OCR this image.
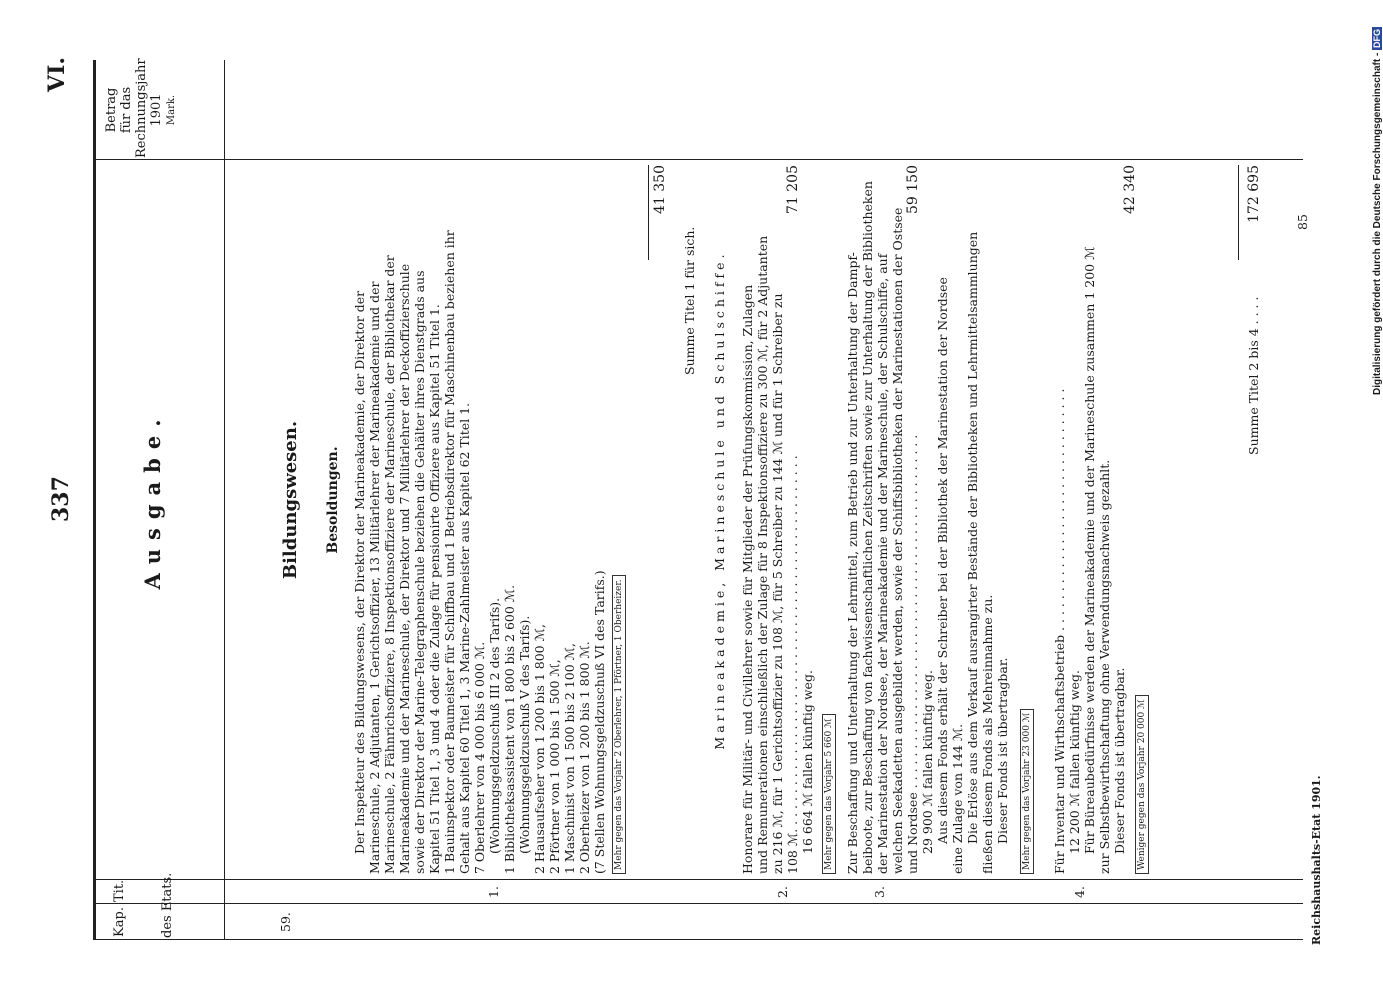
Digitalisierung gefördert durch die Deutsche Forschungsgemeinschaft - DFG
337
VI.
Kap.
Tit.	des Etats.
Ausgabe.
Betrag für das Rechnungsjahr 1901 Mark.
59.
Bildungswesen. Besoldungen.
1.
Der Inspekteur des Bildungswesens, der Direktor der Marineakademie, der Direktor der Marineschule, 2 Adjutanten, 1 Gerichtsoffizier, 13 Militärlehrer der Marineakademie und der Marineschule, 2 Fähnrichsoffiziere, 8 Inspektionsoffiziere der Marineschule, der Bibliothekar der Marineakademie und der Marineschule, der Direktor und 7 Militärlehrer der Deckoffizierschule sowie der Direktor der Marine-Telegraphenschule beziehen die Gehälter ihres Dienstgrads aus Kapitel 51 Titel 1, 3 und 4 oder die Zulage für pensionirte Offiziere aus Kapitel 51 Titel 1. 1 Bauinspektor oder Baumeister für Schiffbau und 1 Betriebsdirektor für Maschinenbau beziehen ihr Gehalt aus Kapitel 60 Titel 1, 3 Marine-Zahlmeister aus Kapitel 62 Titel 1. 7 Oberlehrer von 4 000 bis 6 000 ℳ. (Wohnungsgeldzuschuß III 2 des Tarifs). 1 Bibliotheksassistent von 1 800 bis 2 600 ℳ. (Wohnungsgeldzuschuß V des Tarifs). 2 Hausaufseher von 1 200 bis 1 800 ℳ, 2 Pförtner von 1 000 bis 1 500 ℳ, 1 Maschinist von 1 500 bis 2 100 ℳ, 2 Oberheizer von 1 200 bis 1 800 ℳ. (7 Stellen Wohnungsgeldzuschuß VI des Tarifs.) Mehr gegen das Vorjahr 2 Oberlehrer, 1 Pförtner, 1 Oberheizer.
41 350
Summe Titel 1 für sich. Marineakademie, Marineschule und Schulschiffe.
2.
Honorare für Militär- und Civillehrer sowie für Mitglieder der Prüfungskommission, Zulagen und Remunerationen einschließlich der Zulage für 8 Inspektionsoffiziere zu 300 ℳ, für 2 Adjutanten zu 216 ℳ, für 1 Gerichtsoffizier zu 108 ℳ, für 5 Schreiber zu 144 ℳ und für 1 Schreiber zu 108 ℳ. . . . . . . . . . . . . . . . . . . . . . . . . . . . . . . . . . . . . . . . . . . . . . . . 16 664 ℳ fallen künftig weg. Mehr gegen das Vorjahr 5 660 ℳ
71 205
3.
Zur Beschaffung und Unterhaltung der Lehrmittel, zum Betrieb und zur Unterhaltung der Dampf- beiboote, zur Beschaffung von fachwissenschaftlichen Zeitschriften sowie zur Unterhaltung der Bibliotheken der Marinestation der Nordsee, der Marineakademie und der Marineschule, der Schulschiffe, auf welchen Seekadetten ausgebildet werden, sowie der Schiffsbibliotheken der Marinestationen der Ostsee und Nordsee . . . . . . . . . . . . . . . . . . . . . . . . . . . . . . . . . . . . . . . . . . . . . 29 900 ℳ fallen künftig weg. Aus diesem Fonds erhält der Schreiber bei der Bibliothek der Marinestation der Nordsee eine Zulage von 144 ℳ. Die Erlöse aus dem Verkauf ausrangirter Bestände der Bibliotheken und Lehrmittelsammlungen fließen diesem Fonds als Mehreinnahme zu. Dieser Fonds ist übertragbar. Mehr gegen das Vorjahr 23 000 ℳ
59 150
4.
Für Inventar und Wirthschaftsbetrieb . . . . . . . . . . . . . . . . . . . . . . . . . . . . . . . 12 200 ℳ fallen künftig weg. Für Büreaubedürfnisse werden der Marineakademie und der Marineschule zusammen 1 200 ℳ zur Selbstbewirthschaftung ohne Verwendungsnachweis gezahlt. Dieser Fonds ist übertragbar. Weniger gegen das Vorjahr 20 000 ℳ
42 340
Summe Titel 2 bis 4 . . . .
172 695	85
Reichshaushalts-Etat 1901.
